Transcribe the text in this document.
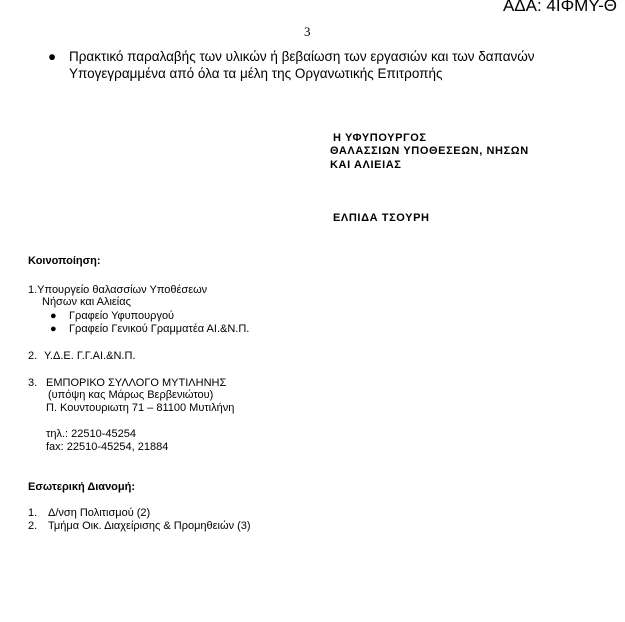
ΑΔΑ: 4ΙΦΜΥ-Θ
3
● Πρακτικό παραλαβής των υλικών ή βεβαίωση των εργασιών και των δαπανών
Υπογεγραμμένα από όλα τα μέλη της Οργανωτικής Επιτροπής
Η ΥΦΥΠΟΥΡΓΟΣ
ΘΑΛΑΣΣΙΩΝ ΥΠΟΘΕΣΕΩΝ, ΝΗΣΩΝ
ΚΑΙ ΑΛΙΕΙΑΣ
ΕΛΠΙΔΑ ΤΣΟΥΡΗ
Κοινοποίηση:
1.Υπουργείο θαλασσίων Υποθέσεων
Νήσων και Αλιείας
● Γραφείο Υφυπουργού
● Γραφείο Γενικού Γραμματέα ΑΙ.&Ν.Π.
2. Υ.Δ.Ε. Γ.Γ.ΑΙ.&Ν.Π.
3. ΕΜΠΟΡΙΚΟ ΣΥΛΛΟΓΟ ΜΥΤΙΛΗΝΗΣ
(υπόψη κας Μάρως Βερβενιώτου)
Π. Κουντουριωτη 71 – 81100 Μυτιλήνη
τηλ.: 22510-45254
fax: 22510-45254, 21884
Εσωτερική Διανομή:
1. Δ/νση Πολιτισμού (2)
2. Τμήμα Οικ. Διαχείρισης & Προμηθειών (3)
